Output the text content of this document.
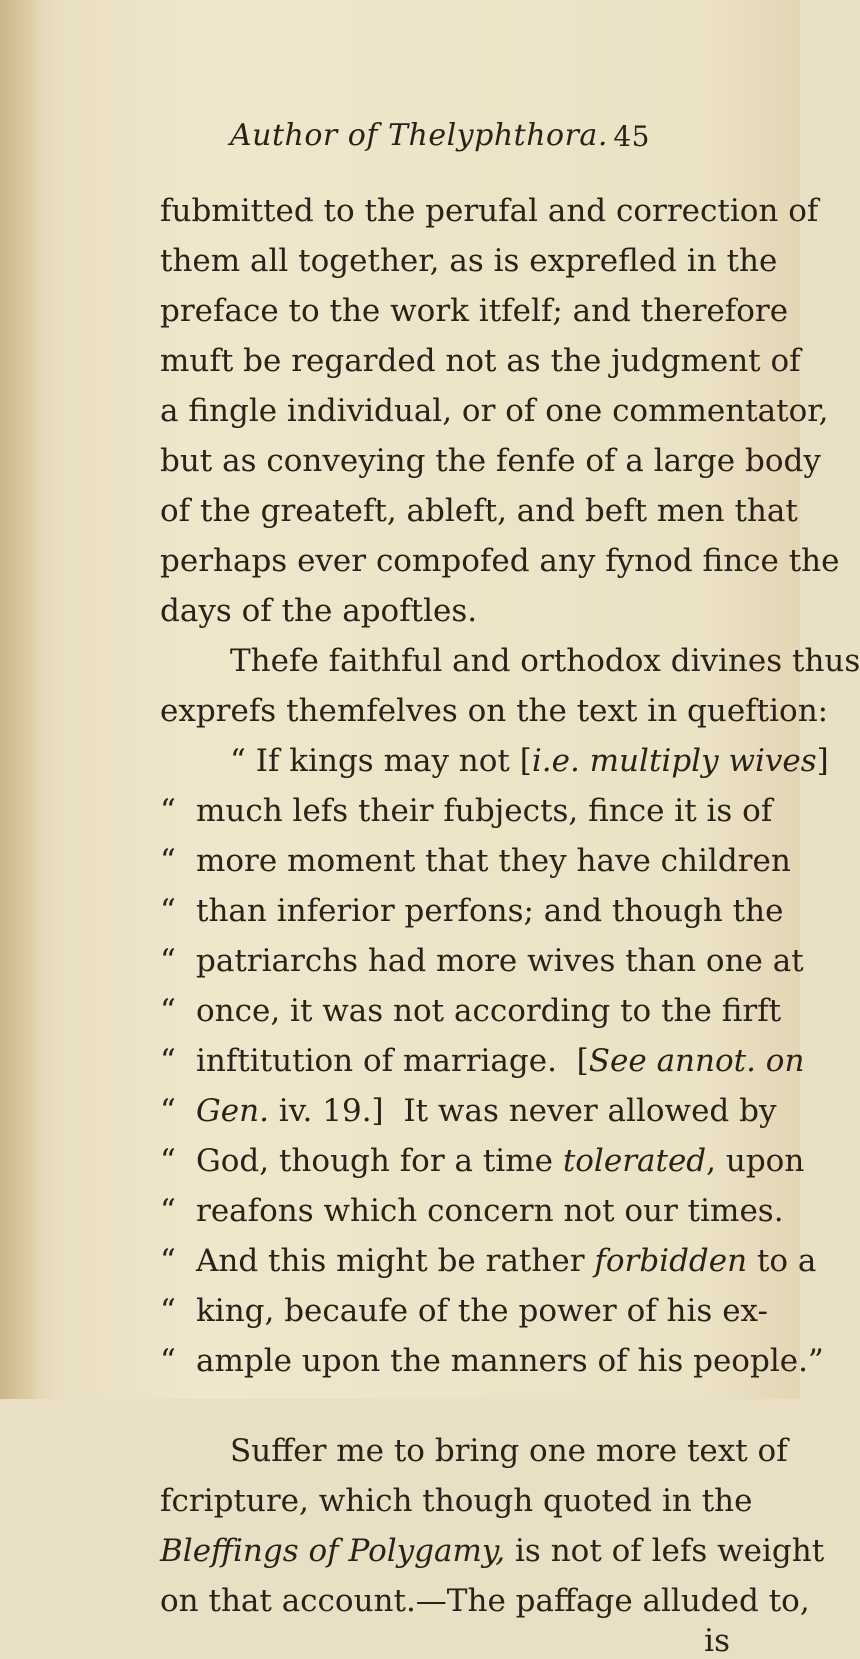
Author of Thelyphthora. 45
fubmitted to the perufal and correction of
them all together, as is exprefled in the
preface to the work itfelf; and therefore
muft be regarded not as the judgment of
a fingle individual, or of one commentator,
but as conveying the fenfe of a large body
of the greateft, ableft, and beft men that
perhaps ever compofed any fynod fince the
days of the apoftles.
Thefe faithful and orthodox divines thus
exprefs themfelves on the text in queftion:
“ If kings may not [i.e. multiply wives]
“ much lefs their fubjects, fince it is of
“ more moment that they have children
“ than inferior perfons; and though the
“ patriarchs had more wives than one at
“ once, it was not according to the firft
“ inftitution of marriage. [See annot. on
“ Gen. iv. 19.] It was never allowed by
“ God, though for a time tolerated, upon
“ reafons which concern not our times.
“ And this might be rather forbidden to a
“ king, becaufe of the power of his ex-
“ ample upon the manners of his people.”
Suffer me to bring one more text of
fcripture, which though quoted in the
Bleffings of Polygamy, is not of lefs weight
on that account.—The paffage alluded to,
is
